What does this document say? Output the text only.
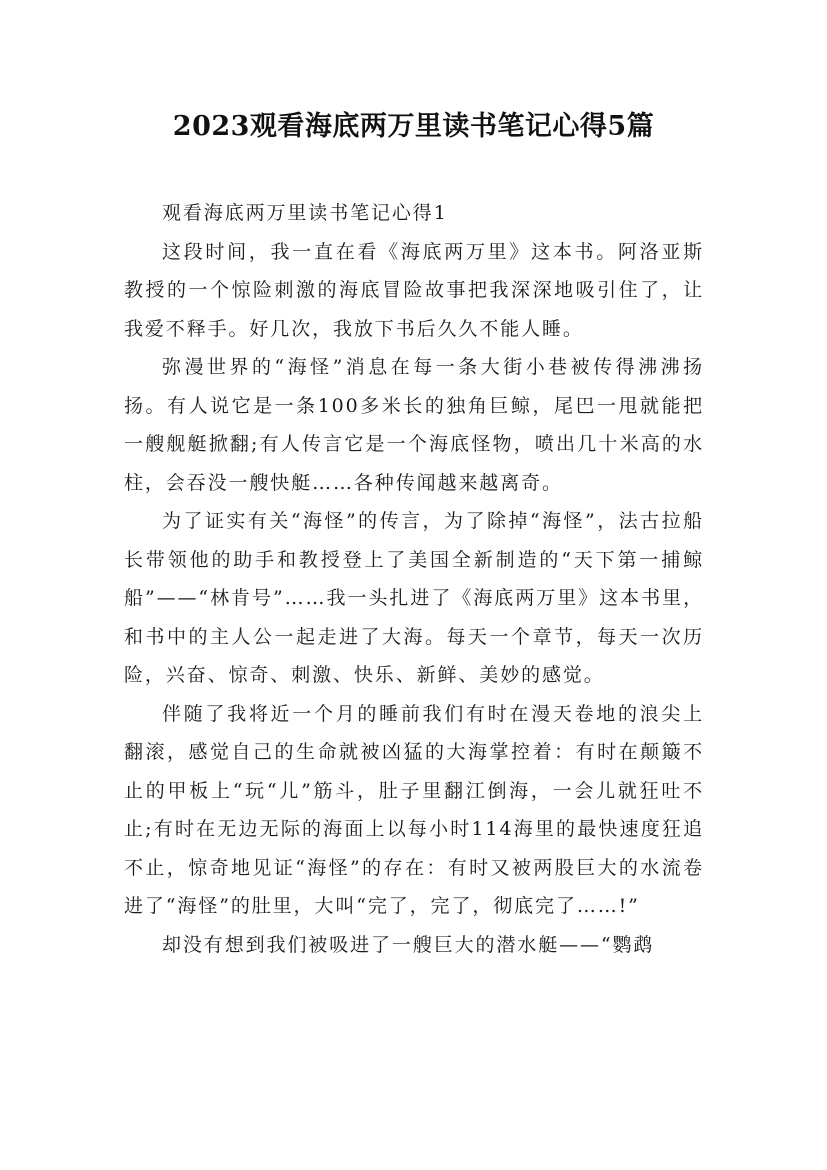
2023观看海底两万里读书笔记心得5篇

观看海底两万里读书笔记心得1

这段时间，我一直在看《海底两万里》这本书。阿洛亚斯教授的一个惊险刺激的海底冒险故事把我深深地吸引住了，让我爱不释手。好几次，我放下书后久久不能人睡。

弥漫世界的“海怪”消息在每一条大街小巷被传得沸沸扬扬。有人说它是一条100多米长的独角巨鲸，尾巴一甩就能把一艘舰艇掀翻;有人传言它是一个海底怪物，喷出几十米高的水柱，会吞没一艘快艇……各种传闻越来越离奇。

为了证实有关“海怪”的传言，为了除掉“海怪”，法古拉船长带领他的助手和教授登上了美国全新制造的“天下第一捕鲸船”——“林肯号”……我一头扎进了《海底两万里》这本书里，和书中的主人公一起走进了大海。每天一个章节，每天一次历险，兴奋、惊奇、刺激、快乐、新鲜、美妙的感觉。

伴随了我将近一个月的睡前我们有时在漫天卷地的浪尖上翻滚，感觉自己的生命就被凶猛的大海掌控着：有时在颠簸不止的甲板上“玩“儿”筋斗，肚子里翻江倒海，一会儿就狂吐不止;有时在无边无际的海面上以每小时114海里的最快速度狂追不止，惊奇地见证“海怪”的存在：有时又被两股巨大的水流卷进了“海怪”的肚里，大叫“完了，完了，彻底完了……!”

却没有想到我们被吸进了一艘巨大的潜水艇——“鹦鹉
